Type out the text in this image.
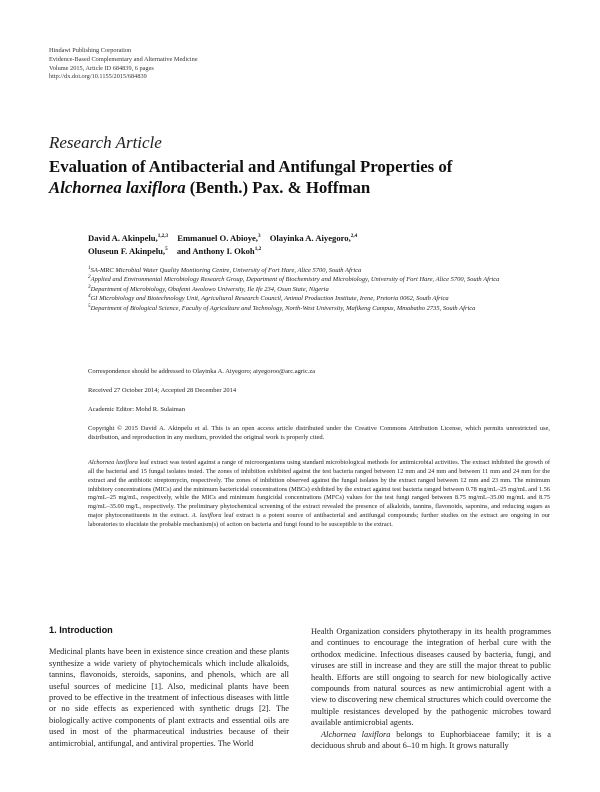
Hindawi Publishing Corporation
Evidence-Based Complementary and Alternative Medicine
Volume 2015, Article ID 684839, 6 pages
http://dx.doi.org/10.1155/2015/684839
Research Article
Evaluation of Antibacterial and Antifungal Properties of
Alchornea laxiflora (Benth.) Pax. & Hoffman
David A. Akinpelu,$^{1,2,3}$ Emmanuel O. Abioye,$^3$ Olayinka A. Aiyegoro,$^{2,4}$
Oluseun F. Akinpelu,$^5$ and Anthony I. Okoh$^{1,2}$

$^1$SA-MRC Microbial Water Quality Monitoring Centre, University of Fort Hare, Alice 5700, South Africa

$^2$Applied and Environmental Microbiology Research Group, Department of Biochemistry and Microbiology, University of Fort Hare, Alice 5700, South Africa

$^3$Department of Microbiology, Obafemi Awolowo University, Ile Ife 234, Osun State, Nigeria

$^4$GI Microbiology and Biotechnology Unit, Agricultural Research Council, Animal Production Institute, Irene, Pretoria 0062, South Africa

$^5$Department of Biological Science, Faculty of Agriculture and Technology, North-West University, Mafikeng Campus, Mmabatho 2735, South Africa

Correspondence should be addressed to Olayinka A. Aiyegoro; aiyegoroo@arc.agric.za
Received 27 October 2014; Accepted 28 December 2014
Academic Editor: Mohd R. Sulaiman
Copyright © 2015 David A. Akinpelu et al. This is an open access article distributed under the Creative Commons Attribution License, which permits unrestricted use, distribution, and reproduction in any medium, provided the original work is properly cited.
Alchornea laxiflora leaf extract was tested against a range of microorganisms using standard microbiological methods for antimicrobial activities. The extract inhibited the growth of all the bacterial and 15 fungal isolates tested. The zones of inhibition exhibited against the test bacteria ranged between 12 mm and 24 mm and between 11 mm and 24 mm for the extract and the antibiotic streptomycin, respectively. The zones of inhibition observed against the fungal isolates by the extract ranged between 12 mm and 23 mm. The minimum inhibitory concentrations (MICs) and the minimum bactericidal concentrations (MBCs) exhibited by the extract against test bacteria ranged between 0.78 mg/mL–25 mg/mL and 1.56 mg/mL–25 mg/mL, respectively, while the MICs and minimum fungicidal concentrations (MFCs) values for the test fungi ranged between 8.75 mg/mL–35.00 mg/mL and 8.75 mg/mL–35.00 mg/L, respectively. The preliminary phytochemical screening of the extract revealed the presence of alkaloids, tannins, flavonoids, saponins, and reducing sugars as major phytoconstituents in the extract. A. laxiflora leaf extract is a potent source of antibacterial and antifungal compounds; further studies on the extract are ongoing in our laboratories to elucidate the probable mechanism(s) of action on bacteria and fungi found to be susceptible to the extract.
1. Introduction

Medicinal plants have been in existence since creation and these plants synthesize a wide variety of phytochemicals which include alkaloids, tannins, flavonoids, steroids, saponins, and phenols, which are all useful sources of medicine [1]. Also, medicinal plants have been proved to be effective in the treatment of infectious diseases with little or no side effects as experienced with synthetic drugs [2]. The biologically active components of plant extracts and essential oils are used in most of the pharmaceutical industries because of their antimicrobial, antifungal, and antiviral properties. The World

Health Organization considers phytotherapy in its health programmes and continues to encourage the integration of herbal cure with the orthodox medicine. Infectious diseases caused by bacteria, fungi, and viruses are still in increase and they are still the major threat to public health. Efforts are still ongoing to search for new biologically active compounds from natural sources as new antimicrobial agent with a view to discovering new chemical structures which could overcome the multiple resistances developed by the pathogenic microbes toward available antimicrobial agents.

Alchornea laxiflora belongs to Euphorbiaceae family; it is a deciduous shrub and about 6–10 m high. It grows naturally
